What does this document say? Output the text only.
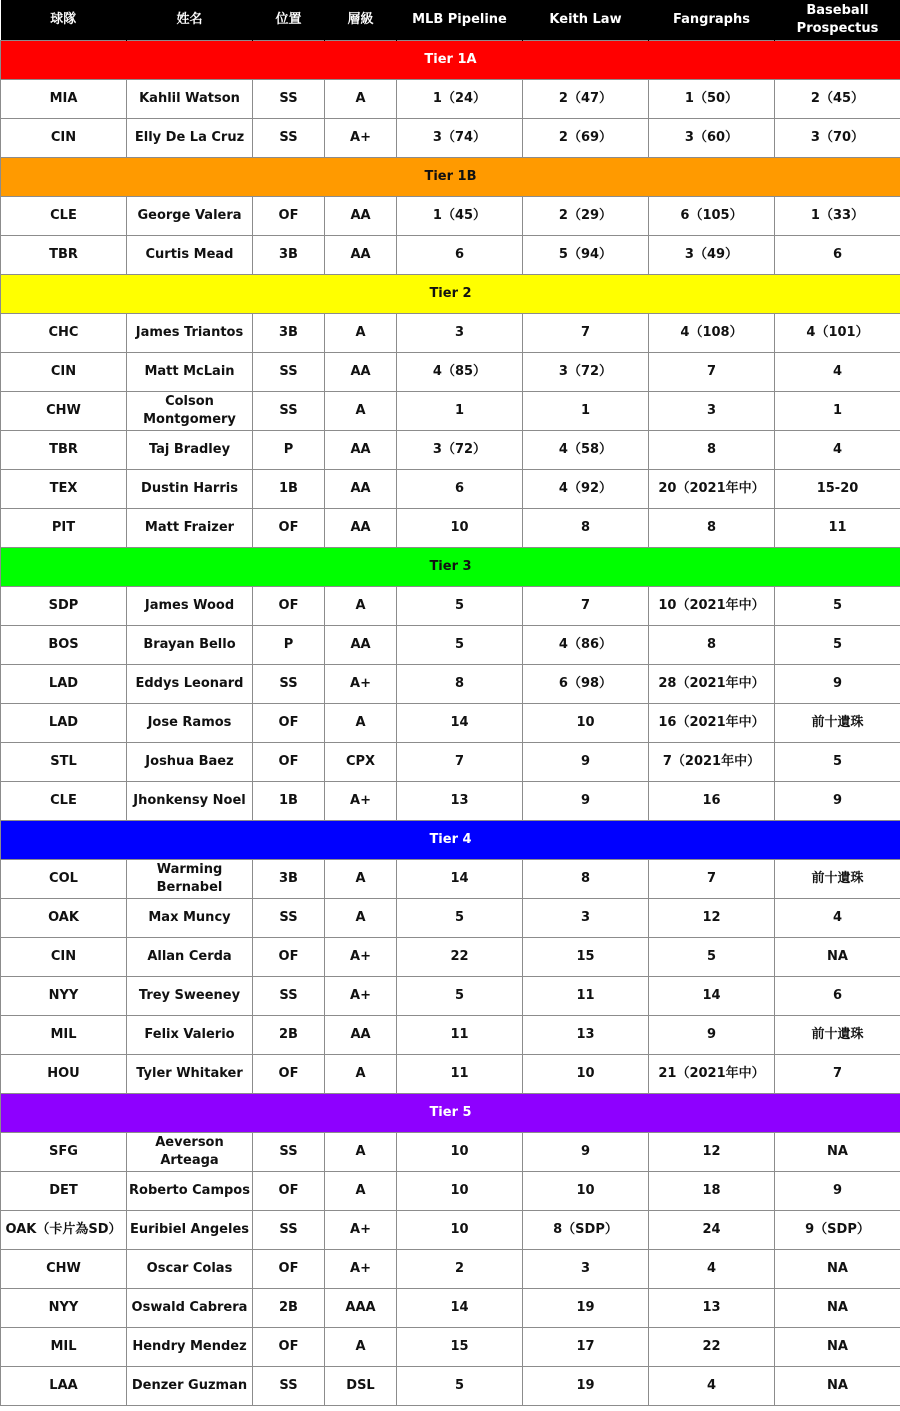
球隊	姓名	位置	層級	MLB Pipeline	Keith Law	Fangraphs	Baseball Prospectus
Tier 1A							
MIA	Kahlil Watson	SS	A	1（24）	2（47）	1（50）	2（45）
CIN	Elly De La Cruz	SS	A+	3（74）	2（69）	3（60）	3（70）
Tier 1B							
CLE	George Valera	OF	AA	1（45）	2（29）	6（105）	1（33）
TBR	Curtis Mead	3B	AA	6	5（94）	3（49）	6
Tier 2							
CHC	James Triantos	3B	A	3	7	4（108）	4（101）
CIN	Matt McLain	SS	AA	4（85）	3（72）	7	4
CHW	Colson Montgomery	SS	A	1	1	3	1
TBR	Taj Bradley	P	AA	3（72）	4（58）	8	4
TEX	Dustin Harris	1B	AA	6	4（92）	20（2021年中）	15-20
PIT	Matt Fraizer	OF	AA	10	8	8	11
Tier 3							
SDP	James Wood	OF	A	5	7	10（2021年中）	5
BOS	Brayan Bello	P	AA	5	4（86）	8	5
LAD	Eddys Leonard	SS	A+	8	6（98）	28（2021年中）	9
LAD	Jose Ramos	OF	A	14	10	16（2021年中）	前十遺珠
STL	Joshua Baez	OF	CPX	7	9	7（2021年中）	5
CLE	Jhonkensy Noel	1B	A+	13	9	16	9
Tier 4							
COL	Warming Bernabel	3B	A	14	8	7	前十遺珠
OAK	Max Muncy	SS	A	5	3	12	4
CIN	Allan Cerda	OF	A+	22	15	5	NA
NYY	Trey Sweeney	SS	A+	5	11	14	6
MIL	Felix Valerio	2B	AA	11	13	9	前十遺珠
HOU	Tyler Whitaker	OF	A	11	10	21（2021年中）	7
Tier 5							
SFG	Aeverson Arteaga	SS	A	10	9	12	NA
DET	Roberto Campos	OF	A	10	10	18	9
OAK（卡片為SD）	Euribiel Angeles	SS	A+	10	8（SDP）	24	9（SDP）
CHW	Oscar Colas	OF	A+	2	3	4	NA
NYY	Oswald Cabrera	2B	AAA	14	19	13	NA
MIL	Hendry Mendez	OF	A	15	17	22	NA
LAA	Denzer Guzman	SS	DSL	5	19	4	NA
